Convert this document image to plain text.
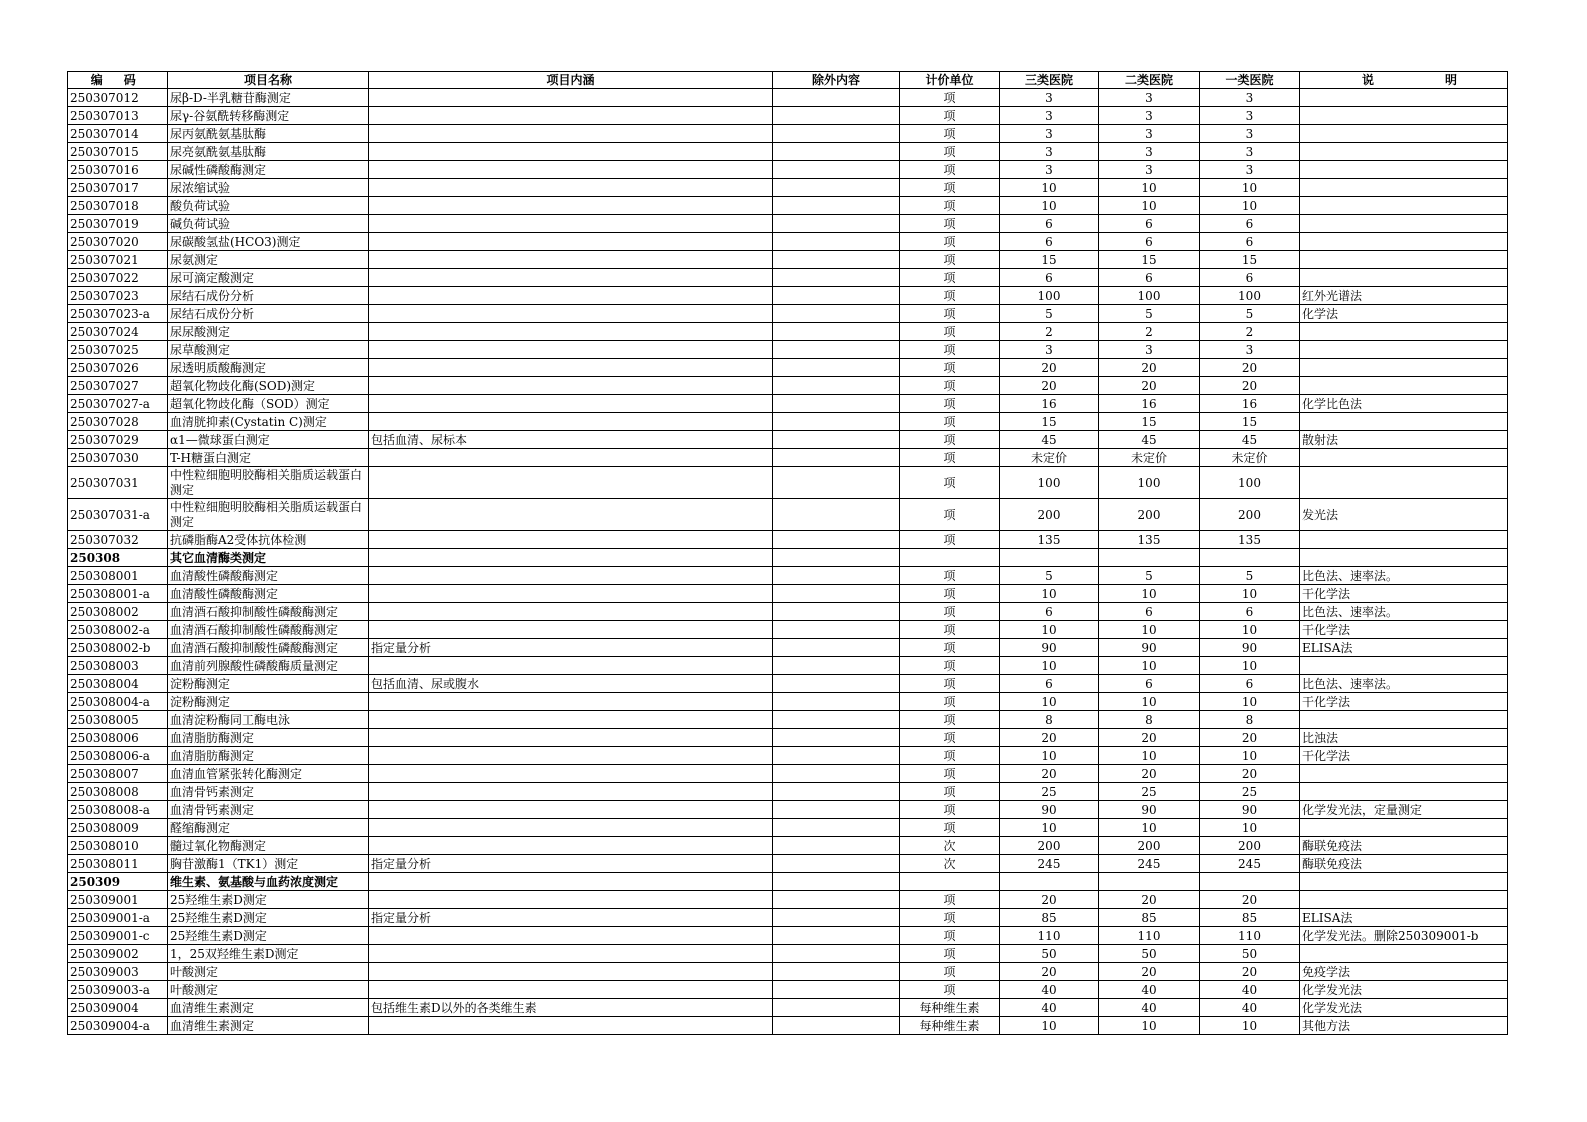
编 码	项目名称	项目内涵	除外内容	计价单位	三类医院	二类医院	一类医院	说 明

250307012	尿β-D-半乳糖苷酶测定			项	3	3	3	
250307013	尿γ-谷氨酰转移酶测定			项	3	3	3	
250307014	尿丙氨酰氨基肽酶			项	3	3	3	
250307015	尿亮氨酰氨基肽酶			项	3	3	3	
250307016	尿碱性磷酸酶测定			项	3	3	3	
250307017	尿浓缩试验			项	10	10	10	
250307018	酸负荷试验			项	10	10	10	
250307019	碱负荷试验			项	6	6	6	
250307020	尿碳酸氢盐(HCO3)测定			项	6	6	6	
250307021	尿氨测定			项	15	15	15	
250307022	尿可滴定酸测定			项	6	6	6	
250307023	尿结石成份分析			项	100	100	100	红外光谱法
250307023-a	尿结石成份分析			项	5	5	5	化学法
250307024	尿尿酸测定			项	2	2	2	
250307025	尿草酸测定			项	3	3	3	
250307026	尿透明质酸酶测定			项	20	20	20	
250307027	超氧化物歧化酶(SOD)测定			项	20	20	20	
250307027-a	超氧化物歧化酶（SOD）测定			项	16	16	16	化学比色法
250307028	血清胱抑素(Cystatin C)测定			项	15	15	15	
250307029	α1—微球蛋白测定	包括血清、尿标本		项	45	45	45	散射法
250307030	T-H糖蛋白测定			项	未定价	未定价	未定价	
250307031	中性粒细胞明胶酶相关脂质运载蛋白测定			项	100	100	100	
250307031-a	中性粒细胞明胶酶相关脂质运载蛋白测定			项	200	200	200	发光法
250307032	抗磷脂酶A2受体抗体检测			项	135	135	135	
250308	其它血清酶类测定							
250308001	血清酸性磷酸酶测定			项	5	5	5	比色法、速率法。
250308001-a	血清酸性磷酸酶测定			项	10	10	10	干化学法
250308002	血清酒石酸抑制酸性磷酸酶测定			项	6	6	6	比色法、速率法。
250308002-a	血清酒石酸抑制酸性磷酸酶测定			项	10	10	10	干化学法
250308002-b	血清酒石酸抑制酸性磷酸酶测定	指定量分析		项	90	90	90	ELISA法
250308003	血清前列腺酸性磷酸酶质量测定			项	10	10	10	
250308004	淀粉酶测定	包括血清、尿或腹水		项	6	6	6	比色法、速率法。
250308004-a	淀粉酶测定			项	10	10	10	干化学法
250308005	血清淀粉酶同工酶电泳			项	8	8	8	
250308006	血清脂肪酶测定			项	20	20	20	比浊法
250308006-a	血清脂肪酶测定			项	10	10	10	干化学法
250308007	血清血管紧张转化酶测定			项	20	20	20	
250308008	血清骨钙素测定			项	25	25	25	
250308008-a	血清骨钙素测定			项	90	90	90	化学发光法，定量测定
250308009	醛缩酶测定			项	10	10	10	
250308010	髓过氧化物酶测定			次	200	200	200	酶联免疫法
250308011	胸苷激酶1（TK1）测定	指定量分析		次	245	245	245	酶联免疫法
250309	维生素、氨基酸与血药浓度测定							
250309001	25羟维生素D测定			项	20	20	20	
250309001-a	25羟维生素D测定	指定量分析		项	85	85	85	ELISA法
250309001-c	25羟维生素D测定			项	110	110	110	化学发光法。删除250309001-b
250309002	1，25双羟维生素D测定			项	50	50	50	
250309003	叶酸测定			项	20	20	20	免疫学法
250309003-a	叶酸测定			项	40	40	40	化学发光法
250309004	血清维生素测定	包括维生素D以外的各类维生素		每种维生素	40	40	40	化学发光法
250309004-a	血清维生素测定			每种维生素	10	10	10	其他方法
